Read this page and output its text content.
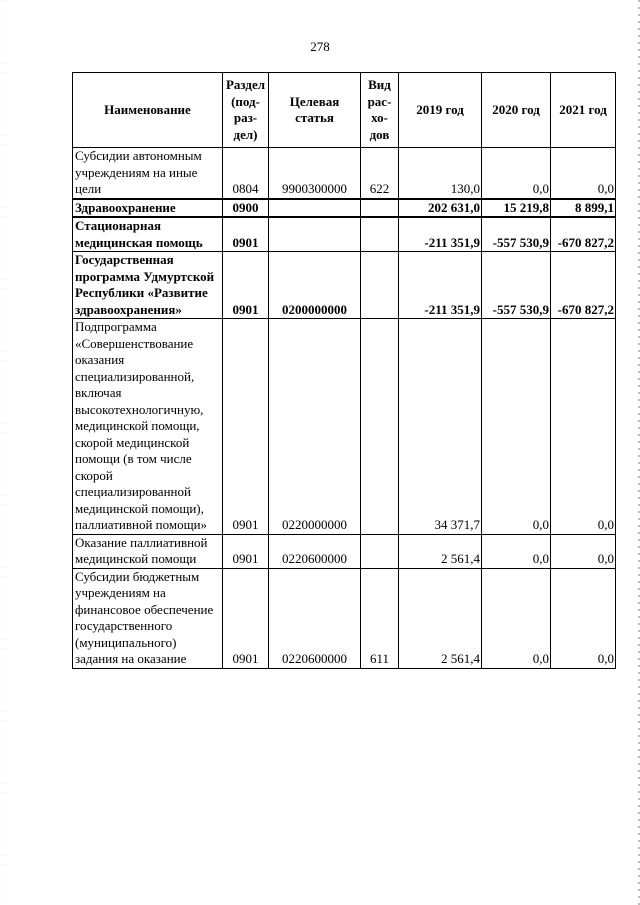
278
Наименование	Раздел (под-раз-дел)	Целевая статья	Вид рас-хо-дов	2019 год	2020 год	2021 год
Субсидии автономным учреждениям на иные цели	0804	9900300000	622	130,0	0,0	0,0
Здравоохранение	0900			202 631,0	15 219,8	8 899,1
Стационарная медицинская помощь	0901			-211 351,9	-557 530,9	-670 827,2
Государственная программа Удмуртской Республики «Развитие здравоохранения»	0901	0200000000		-211 351,9	-557 530,9	-670 827,2
Подпрограмма «Совершенствование оказания специализированной, включая высокотехнологичную, медицинской помощи, скорой медицинской помощи (в том числе скорой специализированной медицинской помощи), паллиативной помощи»	0901	0220000000		34 371,7	0,0	0,0
Оказание паллиативной медицинской помощи	0901	0220600000		2 561,4	0,0	0,0
Субсидии бюджетным учреждениям на финансовое обеспечение государственного (муниципального) задания на оказание	0901	0220600000	611	2 561,4	0,0	0,0
